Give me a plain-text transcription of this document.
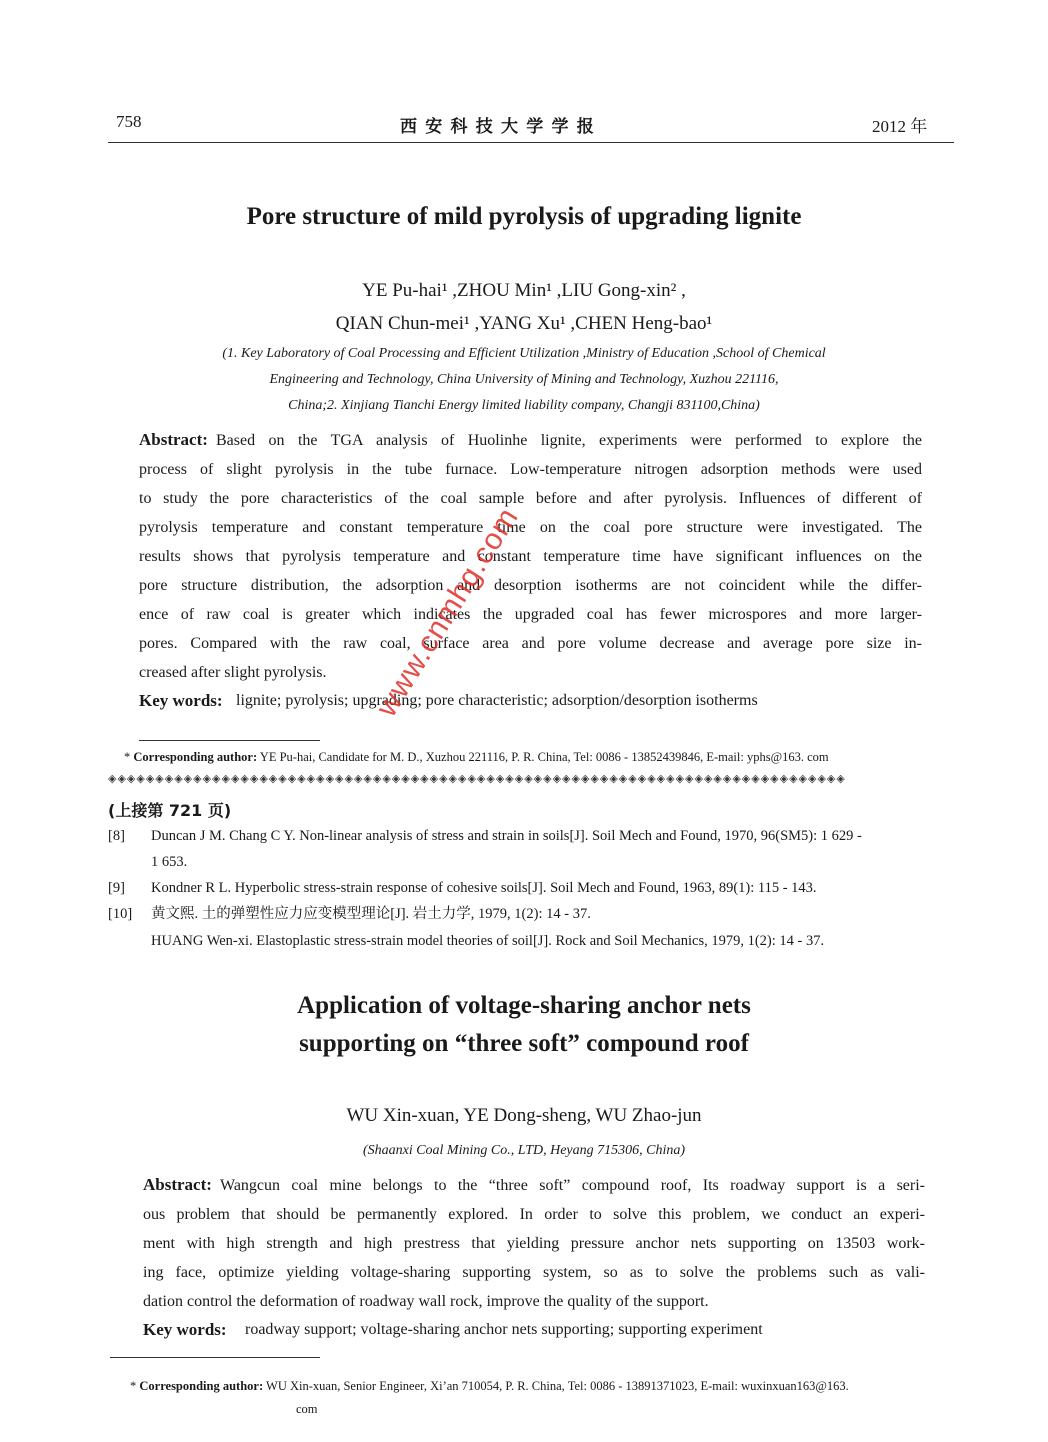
758	西 安 科 技 大 学 学 报	2012 年
Pore structure of mild pyrolysis of upgrading lignite
YE Pu-hai¹ ,ZHOU Min¹ ,LIU Gong-xin² ,
QIAN Chun-mei¹ ,YANG Xu¹ ,CHEN Heng-bao¹
(1. Key Laboratory of Coal Processing and Efficient Utilization ,Ministry of Education ,School of Chemical
Engineering and Technology, China University of Mining and Technology, Xuzhou 221116,
China;2. Xinjiang Tianchi Energy limited liability company, Changji 831100,China)
Abstract: Based on the TGA analysis of Huolinhe lignite, experiments were performed to explore the
process of slight pyrolysis in the tube furnace. Low-temperature nitrogen adsorption methods were used
to study the pore characteristics of the coal sample before and after pyrolysis. Influences of different of
pyrolysis temperature and constant temperature time on the coal pore structure were investigated. The
results shows that pyrolysis temperature and constant temperature time have significant influences on the
pore structure distribution, the adsorption and desorption isotherms are not coincident while the differ-
ence of raw coal is greater which indicates the upgraded coal has fewer microspores and more larger-
pores. Compared with the raw coal, surface area and pore volume decrease and average pore size in-
creased after slight pyrolysis.
Key words: lignite; pyrolysis; upgrading; pore characteristic; adsorption/desorption isotherms
* Corresponding author: YE Pu-hai, Candidate for M. D., Xuzhou 221116, P. R. China, Tel: 0086 - 13852439846, E-mail: yphs@163. com
◈◈◈◈◈◈◈◈◈◈◈◈◈◈◈◈◈◈◈◈◈◈◈◈◈◈◈◈◈◈◈◈◈◈◈◈◈◈◈◈◈◈◈◈◈◈◈◈◈◈◈◈◈◈◈◈◈◈◈◈◈◈◈◈◈◈◈◈◈◈◈◈◈◈◈◈◈◈
(上接第 721 页)
[8] Duncan J M. Chang C Y. Non-linear analysis of stress and strain in soils[J]. Soil Mech and Found, 1970, 96(SM5): 1 629 -
1 653.
[9] Kondner R L. Hyperbolic stress-strain response of cohesive soils[J]. Soil Mech and Found, 1963, 89(1): 115 - 143.
[10] 黄文熙. 土的弹塑性应力应变模型理论[J]. 岩土力学, 1979, 1(2): 14 - 37.
HUANG Wen-xi. Elastoplastic stress-strain model theories of soil[J]. Rock and Soil Mechanics, 1979, 1(2): 14 - 37.
Application of voltage-sharing anchor nets
supporting on “three soft” compound roof
WU Xin-xuan, YE Dong-sheng, WU Zhao-jun
(Shaanxi Coal Mining Co., LTD, Heyang 715306, China)
Abstract: Wangcun coal mine belongs to the “three soft” compound roof, Its roadway support is a seri-
ous problem that should be permanently explored. In order to solve this problem, we conduct an experi-
ment with high strength and high prestress that yielding pressure anchor nets supporting on 13503 work-
ing face, optimize yielding voltage-sharing supporting system, so as to solve the problems such as vali-
dation control the deformation of roadway wall rock, improve the quality of the support.
Key words: roadway support; voltage-sharing anchor nets supporting; supporting experiment
* Corresponding author: WU Xin-xuan, Senior Engineer, Xi’an 710054, P. R. China, Tel: 0086 - 13891371023, E-mail: wuxinxuan163@163.
com
www.cnmhg.com
